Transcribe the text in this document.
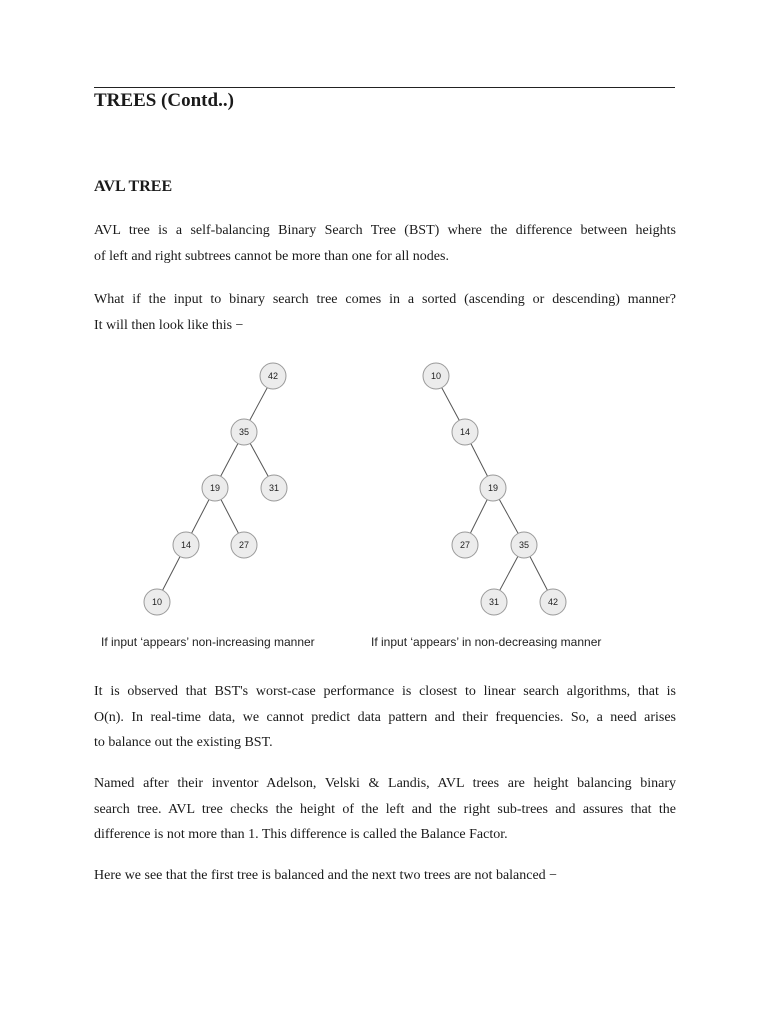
TREES (Contd..)
AVL TREE

AVL tree is a self-balancing Binary Search Tree (BST) where the difference between heights
of left and right subtrees cannot be more than one for all nodes.

What if the input to binary search tree comes in a sorted (ascending or descending) manner?
It will then look like this −

42
35
19	31
14	27
10
If input ‘appears’ non-increasing manner
10
14
19
27	35
31	42
If input ‘appears’ in non-decreasing manner

It is observed that BST's worst-case performance is closest to linear search algorithms, that is
O(n). In real-time data, we cannot predict data pattern and their frequencies. So, a need arises
to balance out the existing BST.

Named after their inventor Adelson, Velski & Landis, AVL trees are height balancing binary
search tree. AVL tree checks the height of the left and the right sub-trees and assures that the
difference is not more than 1. This difference is called the Balance Factor.

Here we see that the first tree is balanced and the next two trees are not balanced −
